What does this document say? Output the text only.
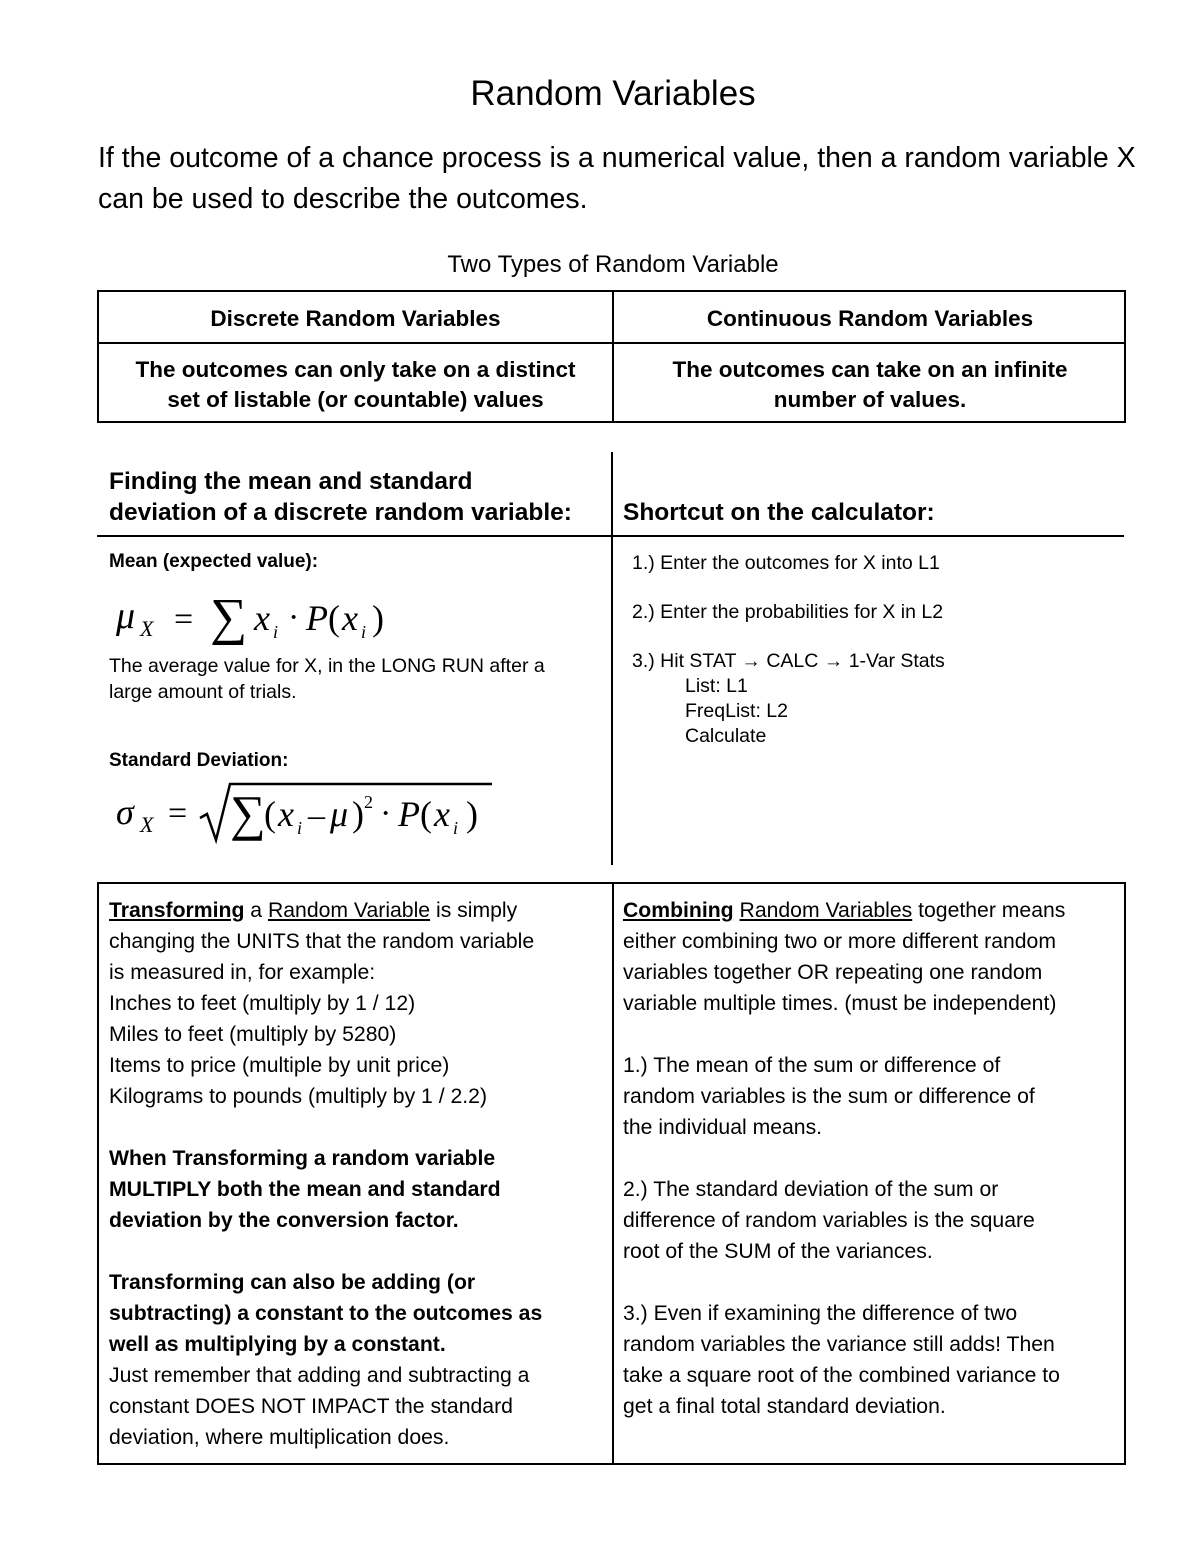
Random Variables
If the outcome of a chance process is a numerical value, then a random variable X can be used to describe the outcomes.
Two Types of Random Variable
Discrete Random Variables	Continuous Random Variables
The outcomes can only take on a distinct
set of listable (or countable) values
The outcomes can take on an infinite
number of values.
Finding the mean and standard
deviation of a discrete random variable: Shortcut on the calculator:
Mean (expected value):
μ X = ∑ x i · P ( x i )
The average value for X, in the LONG RUN after a
large amount of trials.
Standard Deviation:
σ X = ∑
( x i – μ ) 2 · P ( x i )
1.) Enter the outcomes for X into L1
2.) Enter the probabilities for X in L2
3.) Hit STAT → CALC → 1-Var Stats
List: L1
FreqList: L2
Calculate

Transforming a Random Variable is simply

changing the UNITS that the random variable

is measured in, for example:

Inches to feet (multiply by 1 / 12)

Miles to feet (multiply by 5280)

Items to price (multiple by unit price)

Kilograms to pounds (multiply by 1 / 2.2)

When Transforming a random variable

MULTIPLY both the mean and standard

deviation by the conversion factor.

Transforming can also be adding (or

subtracting) a constant to the outcomes as

well as multiplying by a constant.

Just remember that adding and subtracting a

constant DOES NOT IMPACT the standard

deviation, where multiplication does.

Combining Random Variables together means

either combining two or more different random

variables together OR repeating one random

variable multiple times. (must be independent)

1.) The mean of the sum or difference of

random variables is the sum or difference of

the individual means.

2.) The standard deviation of the sum or

difference of random variables is the square

root of the SUM of the variances.

3.) Even if examining the difference of two

random variables the variance still adds! Then

take a square root of the combined variance to

get a final total standard deviation.
